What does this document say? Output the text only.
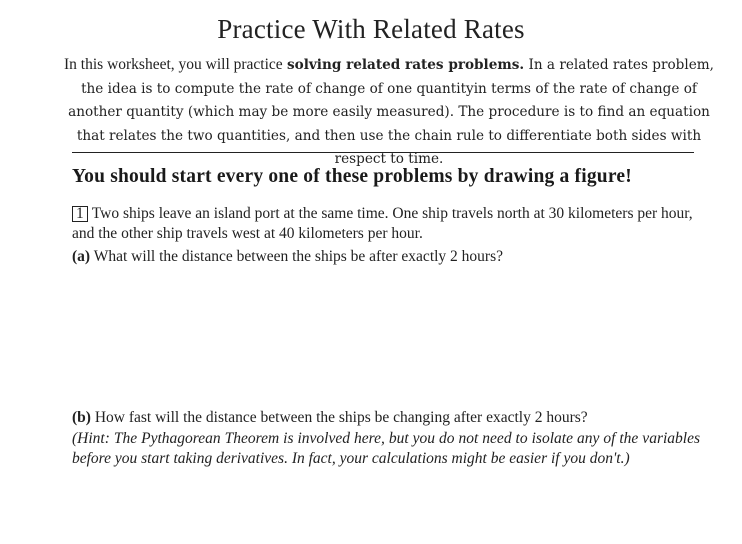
Practice With Related Rates
In this worksheet, you will practice solving related rates problems. In a related rates problem, the idea is to compute the rate of change of one quantityin terms of the rate of change of another quantity (which may be more easily measured). The procedure is to find an equation that relates the two quantities, and then use the chain rule to differentiate both sides with respect to time.
You should start every one of these problems by drawing a figure!
1 Two ships leave an island port at the same time. One ship travels north at 30 kilometers per hour, and the other ship travels west at 40 kilometers per hour.
(a) What will the distance between the ships be after exactly 2 hours?
(b) How fast will the distance between the ships be changing after exactly 2 hours?
(Hint: The Pythagorean Theorem is involved here, but you do not need to isolate any of the variables before you start taking derivatives. In fact, your calculations might be easier if you don't.)
